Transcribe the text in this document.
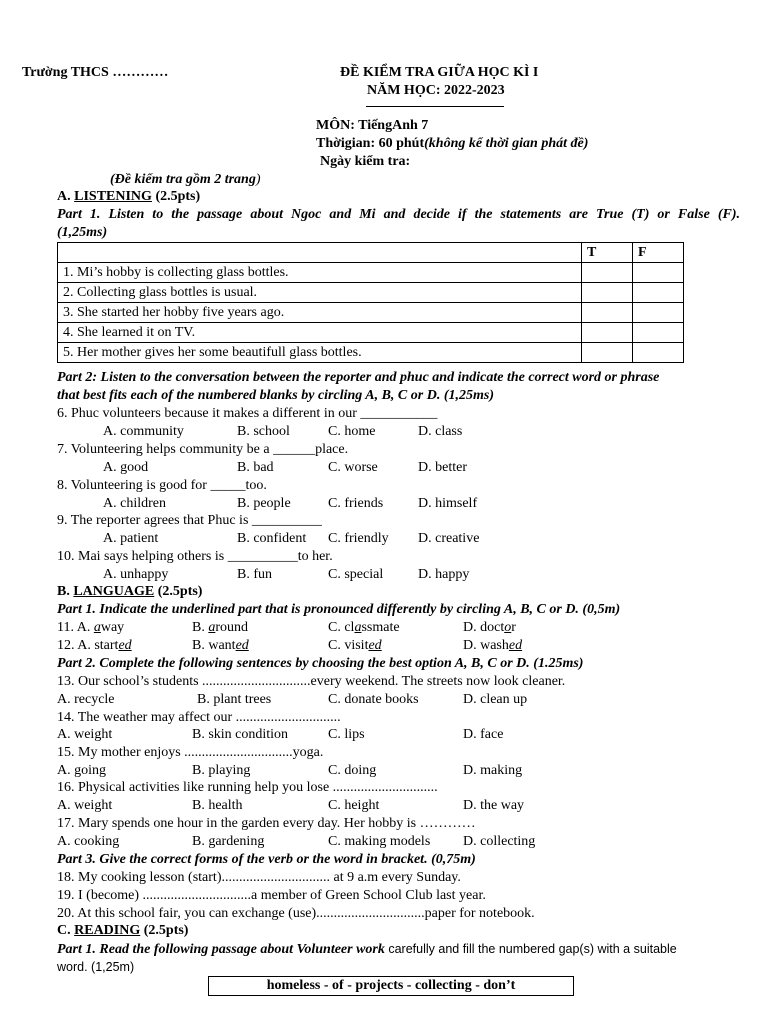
Trường THCS …………	ĐỀ KIỂM TRA GIỮA HỌC KÌ I
NĂM HỌC: 2022-2023
MÔN: TiếngAnh 7
Thờigian: 60 phút(không kể thời gian phát đề)
Ngày kiểm tra:
(Đề kiểm tra gồm 2 trang)
A. LISTENING (2.5pts)
Part 1. Listen to the passage about Ngoc and Mi and decide if the statements are True (T) or False (F).
(1,25ms)
	T	F
1. Mi’s hobby is collecting glass bottles.		
2. Collecting glass bottles is usual.		
3. She started her hobby five years ago.		
4. She learned it on TV.		
5. Her mother gives her some beautifull glass bottles.		
Part 2: Listen to the conversation between the reporter and phuc and indicate the correct word or phrase
that best fits each of the numbered blanks by circling A, B, C or D. (1,25ms)
6. Phuc volunteers because it makes a different in our ___________
A. community	B. school	C. home	D. class
7. Volunteering helps community be a ______place.
A. good	B. bad	C. worse	D. better
8. Volunteering is good for _____too.
A. children	B. people	C. friends D. himself
9. The reporter agrees that Phuc is __________
A. patient	B. confident C. friendly D. creative
10. Mai says helping others is __________to her.
A. unhappy	B. fun	C. special D. happy
B. LANGUAGE (2.5pts)
Part 1. Indicate the underlined part that is pronounced differently by circling A, B, C or D. (0,5m)
11. A. away	B. around	C. classmate	D. doctor
12. A. started	B. wanted	C. visited	D. washed
Part 2. Complete the following sentences by choosing the best option A, B, C or D. (1.25ms)
13. Our school’s students ...............................every weekend. The streets now look cleaner.
A. recycle	B. plant trees	C. donate books	D. clean up
14. The weather may affect our ..............................
A. weight	B. skin condition	C. lips	D. face
15. My mother enjoys ...............................yoga.
A. going	B. playing	C. doing	D. making
16. Physical activities like running help you lose ..............................
A. weight	B. health	C. height	D. the way
17. Mary spends one hour in the garden every day. Her hobby is …………
A. cooking	B. gardening	C. making models D. collecting
Part 3. Give the correct forms of the verb or the word in bracket. (0,75m)
18. My cooking lesson (start)............................... at 9 a.m every Sunday.
19. I (become) ...............................a member of Green School Club last year.
20. At this school fair, you can exchange (use)...............................paper for notebook.
C. READING (2.5pts)
Part 1. Read the following passage about Volunteer work carefully and fill the numbered gap(s) with a suitable
word. (1,25m)
homeless - of - projects - collecting - don’t
